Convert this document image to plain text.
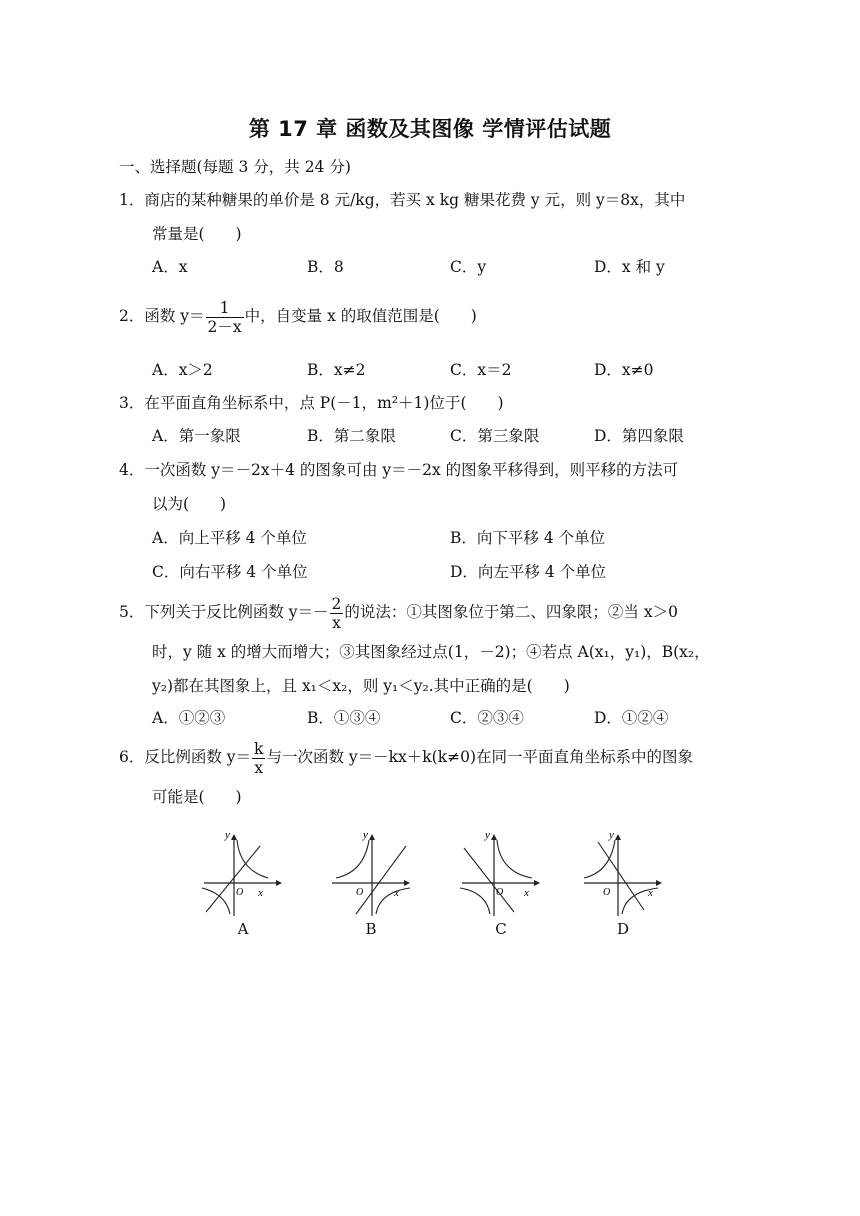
第 17 章 函数及其图像 学情评估试题
一、选择题(每题 3 分，共 24 分)
1．商店的某种糖果的单价是 8 元/kg，若买 x kg 糖果花费 y 元，则 y＝8x，其中
常量是(　　)
A．x	B．8	C．y	D．x 和 y
2．函数 $y= \frac{1}{2-x}$ 中，自变量 x 的取值范围是(　　)
A．x＞2	B．x≠2	C．x＝2	D．x≠0
3．在平面直角坐标系中，点 P(－1，m²＋1)位于(　　)
A．第一象限	B．第二象限	C．第三象限	D．第四象限
4．一次函数 y＝－2x＋4 的图象可由 y＝－2x 的图象平移得到，则平移的方法可
以为(　　)
A．向上平移 4 个单位	B．向下平移 4 个单位
C．向右平移 4 个单位	D．向左平移 4 个单位
5．下列关于反比例函数 $y=- \frac{2}{x}$ 的说法：①其图象位于第二、四象限；②当 x＞0
时，y 随 x 的增大而增大；③其图象经过点(1，－2)；④若点 A(x₁，y₁)，B(x₂，
y₂)都在其图象上，且 x₁＜x₂，则 y₁＜y₂.其中正确的是(　　)
A．①②③	B．①③④	C．②③④	D．①②④
6．反比例函数 $y= \frac{k}{x}$ 与一次函数 y＝－kx＋k(k≠0)在同一平面直角坐标系中的图象
可能是(　　)
y
x
O
A
y
x
O
B
y
x
O
C
y
x
O
D
